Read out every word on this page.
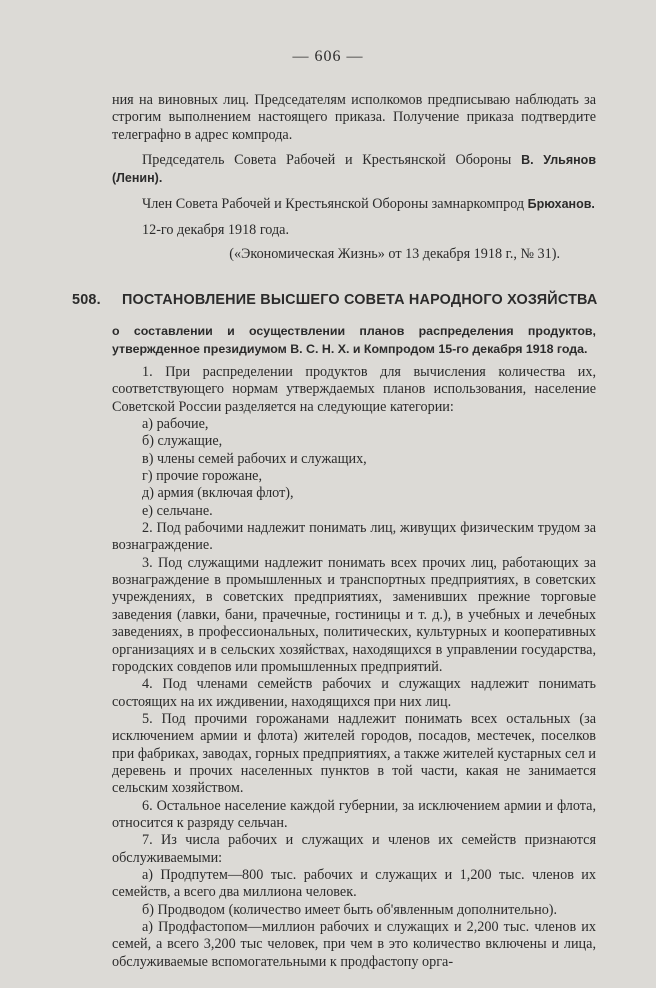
— 606 —

ния на виновных лиц. Председателям исполкомов предписываю наблюдать за строгим выполнением настоящего приказа. Получение приказа подтвердите телеграфно в адрес компрода.

Председатель Совета Рабочей и Крестьянской Обороны В. Ульянов (Ленин).

Член Совета Рабочей и Крестьянской Обороны замнаркомпрод Брюханов.

12-го декабря 1918 года.

(«Экономическая Жизнь» от 13 декабря 1918 г., № 31).

508. ПОСТАНОВЛЕНИЕ ВЫСШЕГО СОВЕТА НАРОДНОГО ХОЗЯЙСТВА
о составлении и осуществлении планов распределения продуктов, утвержденное президиумом В. С. Н. Х. и Компродом 15-го декабря 1918 года.

1. При распределении продуктов для вычисления количества их, соответствующего нормам утверждаемых планов использования, население Советской России разделяется на следующие категории:

а) рабочие,
б) служащие,
в) члены семей рабочих и служащих,
г) прочие горожане,
д) армия (включая флот),
е) сельчане.

2. Под рабочими надлежит понимать лиц, живущих физическим трудом за вознаграждение.

3. Под служащими надлежит понимать всех прочих лиц, работающих за вознаграждение в промышленных и транспортных предприятиях, в советских учреждениях, в советских предприятиях, заменивших прежние торговые заведения (лавки, бани, прачечные, гостиницы и т. д.), в учебных и лечебных заведениях, в профессиональных, политических, культурных и кооперативных организациях и в сельских хозяйствах, находящихся в управлении государства, городских совдепов или промышленных предприятий.

4. Под членами семейств рабочих и служащих надлежит понимать состоящих на их иждивении, находящихся при них лиц.

5. Под прочими горожанами надлежит понимать всех остальных (за исключением армии и флота) жителей городов, посадов, местечек, поселков при фабриках, заводах, горных предприятиях, а также жителей кустарных сел и деревень и прочих населенных пунктов в той части, какая не занимается сельским хозяйством.

6. Остальное население каждой губернии, за исключением армии и флота, относится к разряду сельчан.

7. Из числа рабочих и служащих и членов их семейств признаются обслуживаемыми:

а) Продпутем—800 тыс. рабочих и служащих и 1,200 тыс. членов их семейств, а всего два миллиона человек.

б) Продводом (количество имеет быть об'явленным дополнительно).

а) Продфастопом—миллион рабочих и служащих и 2,200 тыс. членов их семей, а всего 3,200 тыс человек, при чем в это количество включены и лица, обслуживаемые вспомогательными к продфастопу орга-
